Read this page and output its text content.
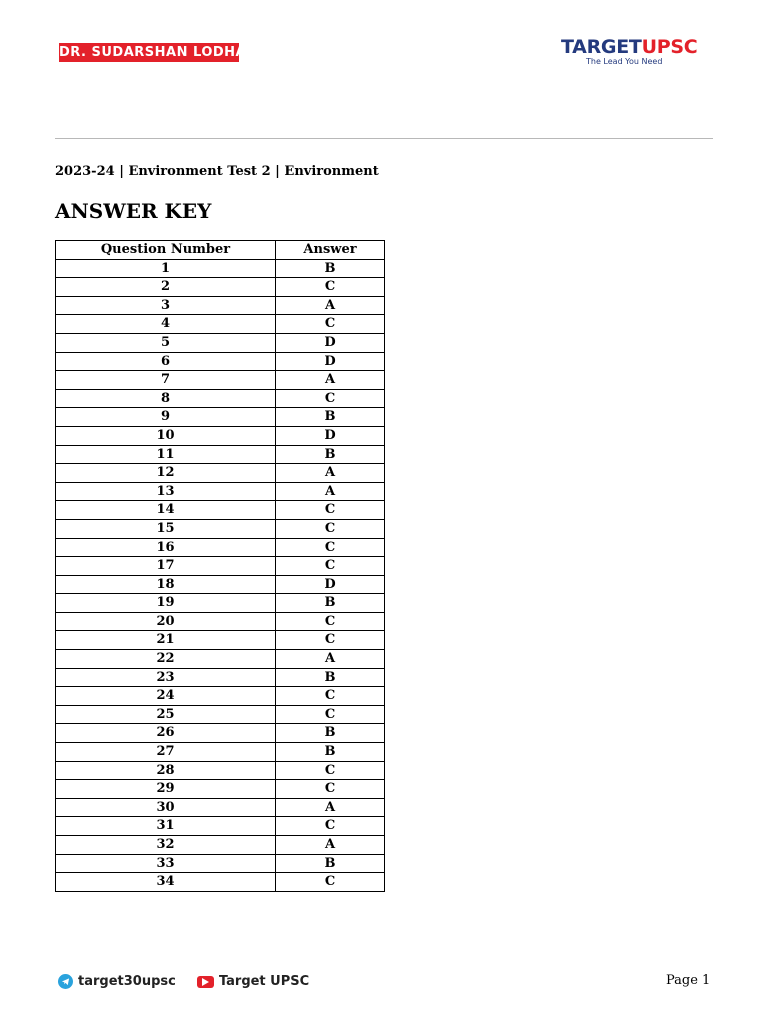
DR. SUDARSHAN LODHA	TARGETUPSC
The Lead You Need
2023-24 | Environment Test 2 | Environment
ANSWER KEY
Question Number	Answer
1	B
2	C
3	A
4	C
5	D
6	D
7	A
8	C
9	B
10	D
11	B
12	A
13	A
14	C
15	C
16	C
17	C
18	D
19	B
20	C
21	C
22	A
23	B
24	C
25	C
26	B
27	B
28	C
29	C
30	A
31	C
32	A
33	B
34	C
target30upsc	Target UPSC	Page 1
